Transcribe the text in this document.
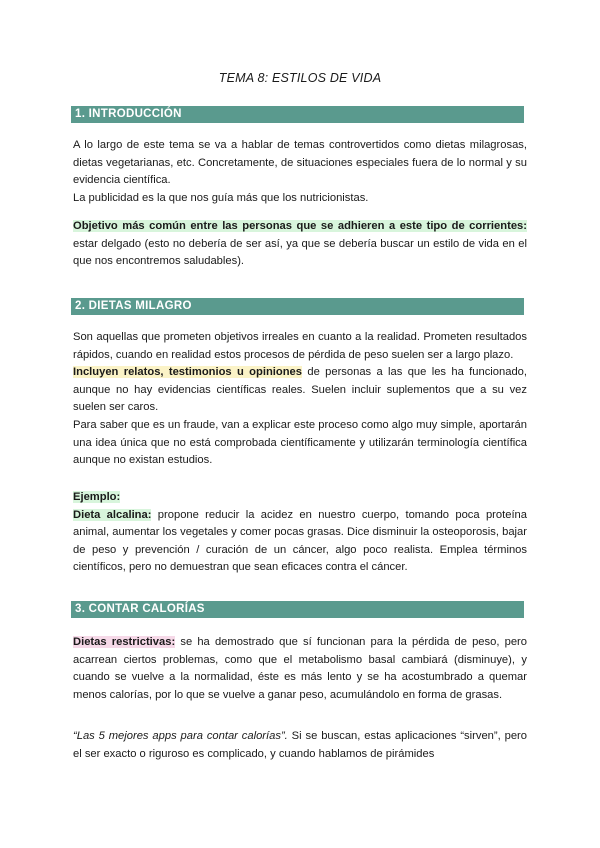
TEMA 8: ESTILOS DE VIDA
1. INTRODUCCIÓN

A lo largo de este tema se va a hablar de temas controvertidos como dietas milagrosas, dietas vegetarianas, etc. Concretamente, de situaciones especiales fuera de lo normal y su evidencia científica.

La publicidad es la que nos guía más que los nutricionistas.

Objetivo más común entre las personas que se adhieren a este tipo de corrientes: estar delgado (esto no debería de ser así, ya que se debería buscar un estilo de vida en el que nos encontremos saludables).

2. DIETAS MILAGRO

Son aquellas que prometen objetivos irreales en cuanto a la realidad. Prometen resultados rápidos, cuando en realidad estos procesos de pérdida de peso suelen ser a largo plazo.

Incluyen relatos, testimonios u opiniones de personas a las que les ha funcionado, aunque no hay evidencias científicas reales. Suelen incluir suplementos que a su vez suelen ser caros.

Para saber que es un fraude, van a explicar este proceso como algo muy simple, aportarán una idea única que no está comprobada científicamente y utilizarán terminología científica aunque no existan estudios.

Ejemplo:

Dieta alcalina: propone reducir la acidez en nuestro cuerpo, tomando poca proteína animal, aumentar los vegetales y comer pocas grasas. Dice disminuir la osteoporosis, bajar de peso y prevención / curación de un cáncer, algo poco realista. Emplea términos científicos, pero no demuestran que sean eficaces contra el cáncer.

3. CONTAR CALORÍAS

Dietas restrictivas: se ha demostrado que sí funcionan para la pérdida de peso, pero acarrean ciertos problemas, como que el metabolismo basal cambiará (disminuye), y cuando se vuelve a la normalidad, éste es más lento y se ha acostumbrado a quemar menos calorías, por lo que se vuelve a ganar peso, acumulándolo en forma de grasas.

“Las 5 mejores apps para contar calorías”. Si se buscan, estas aplicaciones “sirven”, pero el ser exacto o riguroso es complicado, y cuando hablamos de pirámides
